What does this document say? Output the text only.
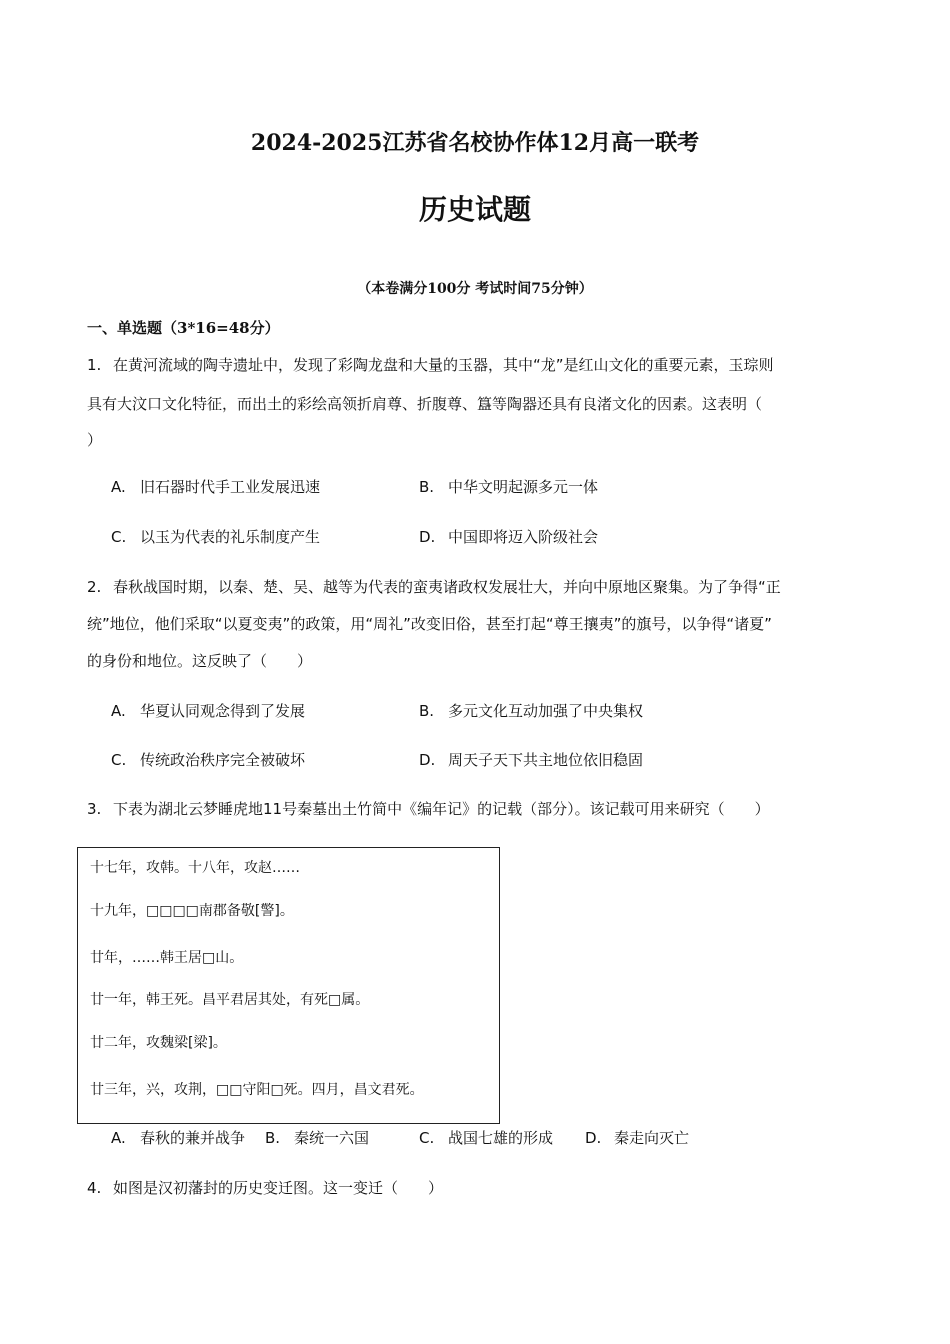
2024-2025江苏省名校协作体12月高一联考
历史试题
（本卷满分100分 考试时间75分钟）
一、单选题（3*16=48分）
1. 在黄河流域的陶寺遗址中，发现了彩陶龙盘和大量的玉器，其中“龙”是红山文化的重要元素，玉琮则
具有大汶口文化特征，而出土的彩绘高领折肩尊、折腹尊、簋等陶器还具有良渚文化的因素。这表明（
）
A. 旧石器时代手工业发展迅速	B. 中华文明起源多元一体
C. 以玉为代表的礼乐制度产生	D. 中国即将迈入阶级社会
2. 春秋战国时期，以秦、楚、吴、越等为代表的蛮夷诸政权发展壮大，并向中原地区聚集。为了争得“正
统”地位，他们采取“以夏变夷”的政策，用“周礼”改变旧俗，甚至打起“尊王攘夷”的旗号，以争得“诸夏”
的身份和地位。这反映了（　　）
A. 华夏认同观念得到了发展	B. 多元文化互动加强了中央集权
C. 传统政治秩序完全被破坏	D. 周天子天下共主地位依旧稳固
3. 下表为湖北云梦睡虎地11号秦墓出土竹简中《编年记》的记载（部分）。该记载可用来研究（　　）
十七年，攻韩。十八年，攻赵……
十九年，□□□□南郡备敬[警]。
廿年，……韩王居□山。
廿一年，韩王死。昌平君居其处，有死□属。
廿二年，攻魏梁[梁]。
廿三年，兴，攻荆，□□守阳□死。四月，昌文君死。
A. 春秋的兼并战争 B. 秦统一六国	C. 战国七雄的形成 D. 秦走向灭亡
4. 如图是汉初藩封的历史变迁图。这一变迁（　　）
